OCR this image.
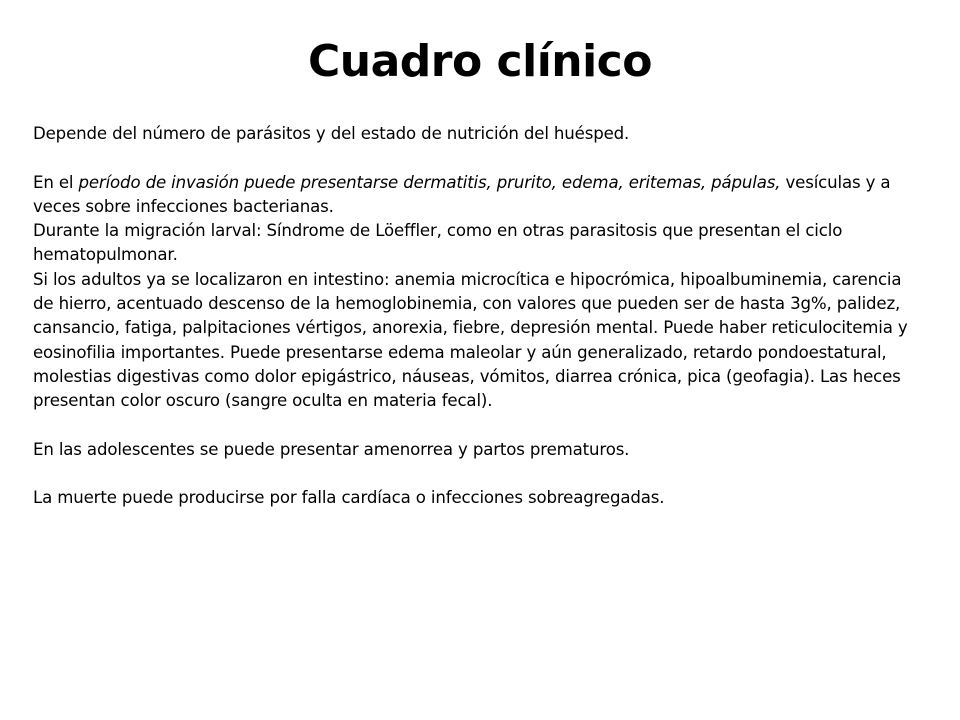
Cuadro clínico

Depende del número de parásitos y del estado de nutrición del huésped.

En el período de invasión puede presentarse dermatitis, prurito, edema, eritemas, pápulas, vesículas y a veces sobre infecciones bacterianas.

Durante la migración larval: Síndrome de Löeffler, como en otras parasitosis que presentan el ciclo hematopulmonar.

Si los adultos ya se localizaron en intestino: anemia microcítica e hipocrómica, hipoalbuminemia, carencia de hierro, acentuado descenso de la hemoglobinemia, con valores que pueden ser de hasta 3g%, palidez, cansancio, fatiga, palpitaciones vértigos, anorexia, fiebre, depresión mental. Puede haber reticulocitemia y eosinofilia importantes. Puede presentarse edema maleolar y aún generalizado, retardo pondoestatural, molestias digestivas como dolor epigástrico, náuseas, vómitos, diarrea crónica, pica (geofagia). Las heces presentan color oscuro (sangre oculta en materia fecal).

En las adolescentes se puede presentar amenorrea y partos prematuros.

La muerte puede producirse por falla cardíaca o infecciones sobreagregadas.
